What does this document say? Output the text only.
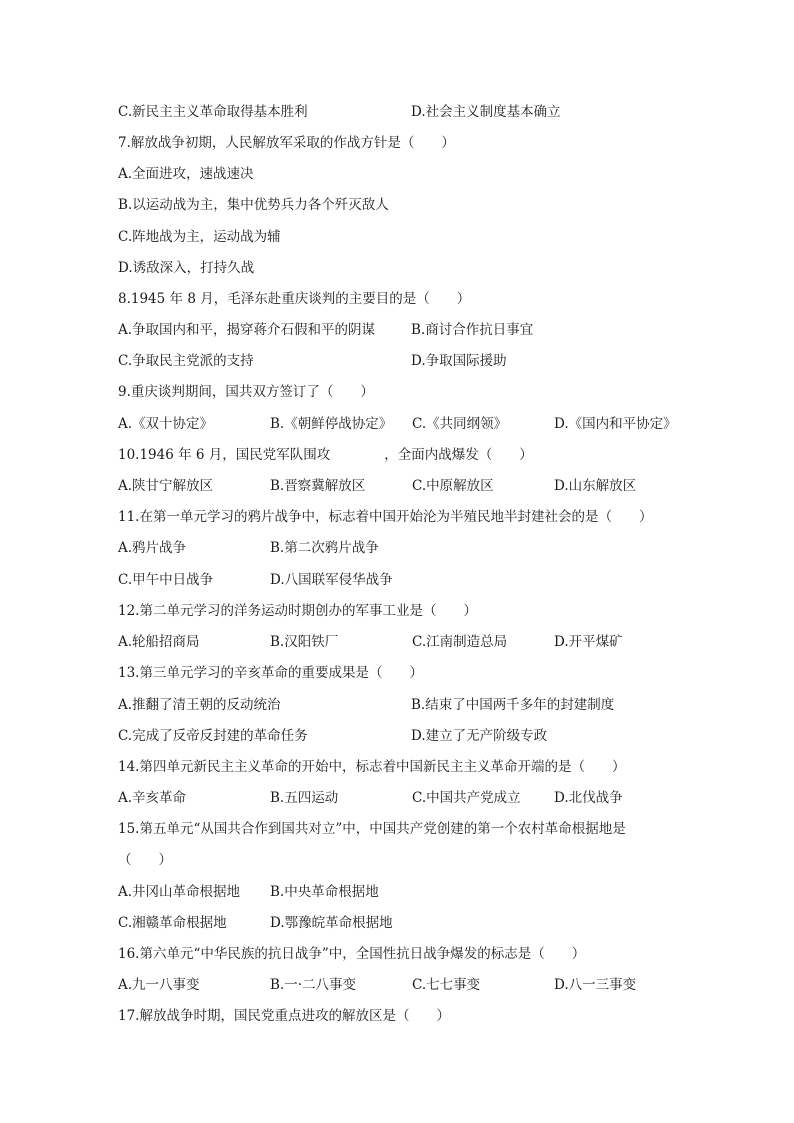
C.新民主主义革命取得基本胜利	D.社会主义制度基本确立
7.解放战争初期，人民解放军采取的作战方针是（　　）
A.全面进攻，速战速决
B.以运动战为主，集中优势兵力各个歼灭敌人
C.阵地战为主，运动战为辅
D.诱敌深入，打持久战
8.1945 年 8 月，毛泽东赴重庆谈判的主要目的是（　　）
A.争取国内和平，揭穿蒋介石假和平的阴谋	B.商讨合作抗日事宜
C.争取民主党派的支持	D.争取国际援助
9.重庆谈判期间，国共双方签订了（　　）
A.《双十协定》	B.《朝鲜停战协定》 C.《共同纲领》	D.《国内和平协定》
10.1946 年 6 月，国民党军队围攻　　　　，全面内战爆发（　　）
A.陕甘宁解放区	B.晋察冀解放区	C.中原解放区	D.山东解放区
11.在第一单元学习的鸦片战争中，标志着中国开始沦为半殖民地半封建社会的是（　　）
A.鸦片战争	B.第二次鸦片战争
C.甲午中日战争	D.八国联军侵华战争
12.第二单元学习的洋务运动时期创办的军事工业是（　　）
A.轮船招商局	B.汉阳铁厂	C.江南制造总局	D.开平煤矿
13.第三单元学习的辛亥革命的重要成果是（　　）
A.推翻了清王朝的反动统治	B.结束了中国两千多年的封建制度
C.完成了反帝反封建的革命任务	D.建立了无产阶级专政
14.第四单元新民主主义革命的开始中，标志着中国新民主主义革命开端的是（　　）
A.辛亥革命	B.五四运动	C.中国共产党成立 D.北伐战争
15.第五单元“从国共合作到国共对立”中，中国共产党创建的第一个农村革命根据地是
（　　）
A.井冈山革命根据地 B.中央革命根据地
C.湘赣革命根据地	D.鄂豫皖革命根据地
16.第六单元“中华民族的抗日战争”中，全国性抗日战争爆发的标志是（　　）
A.九一八事变	B.一·二八事变	C.七七事变	D.八一三事变
17.解放战争时期，国民党重点进攻的解放区是（　　）
